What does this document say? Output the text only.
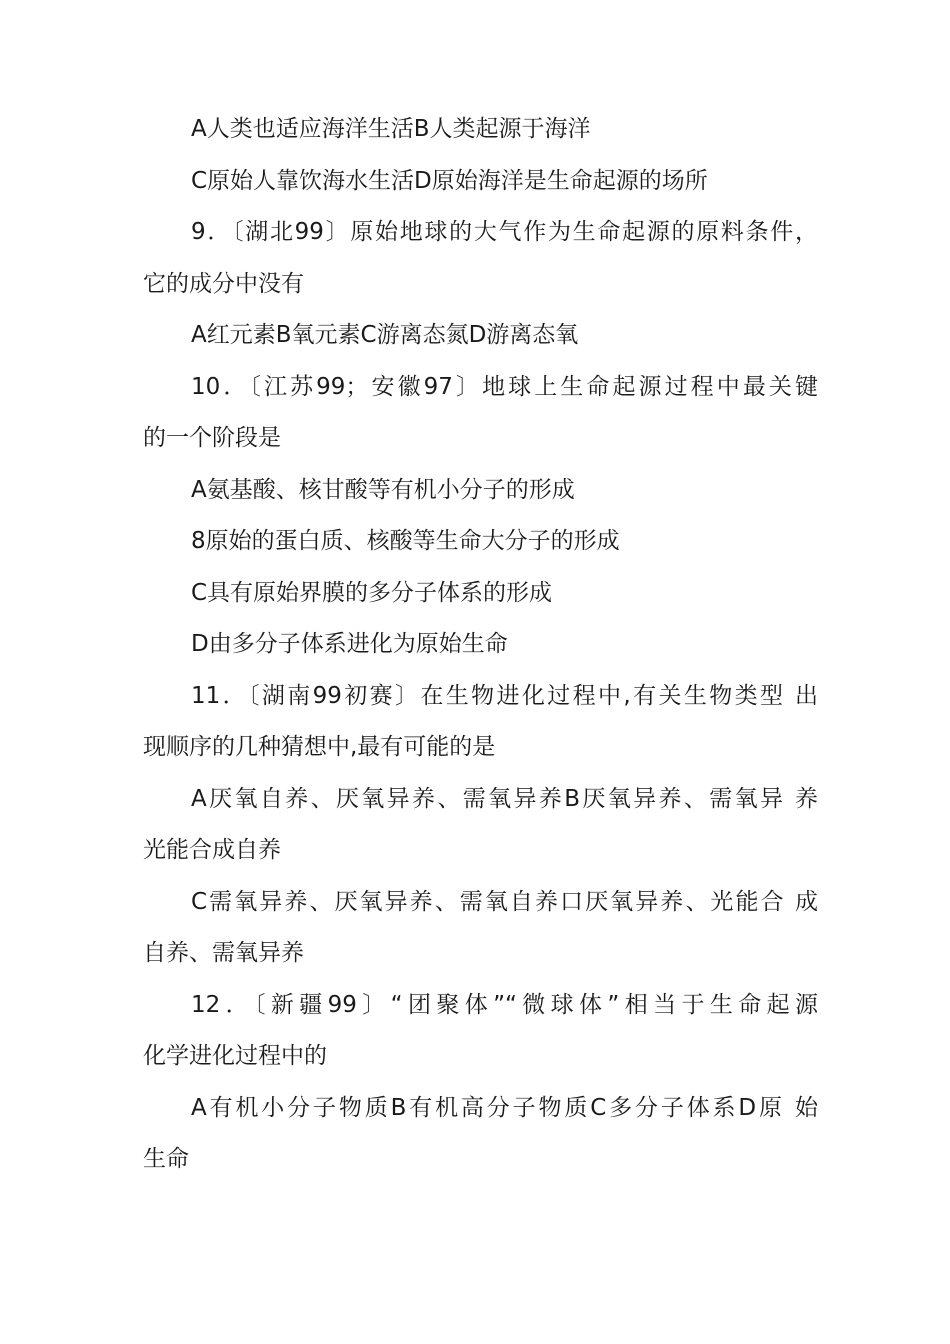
A人类也适应海洋生活B人类起源于海洋
C原始人靠饮海水生活D原始海洋是生命起源的场所
9．〔湖北99〕原始地球的大气作为生命起源的原料条件，
它的成分中没有
A红元素B氧元素C游离态氮D游离态氧
10．〔江苏99；安徽97〕地球上生命起源过程中最关键
的一个阶段是
A氨基酸、核甘酸等有机小分子的形成
8原始的蛋白质、核酸等生命大分子的形成
C具有原始界膜的多分子体系的形成
D由多分子体系进化为原始生命
11．〔湖南99初赛〕在生物进化过程中,有关生物类型 出
现顺序的几种猜想中,最有可能的是
A厌氧自养、厌氧异养、需氧异养B厌氧异养、需氧异 养
光能合成自养
C需氧异养、厌氧异养、需氧自养口厌氧异养、光能合 成
自养、需氧异养
12．〔新疆99〕“团聚体”“微球体”相当于生命起源
化学进化过程中的
A有机小分子物质B有机高分子物质C多分子体系D原 始
生命
